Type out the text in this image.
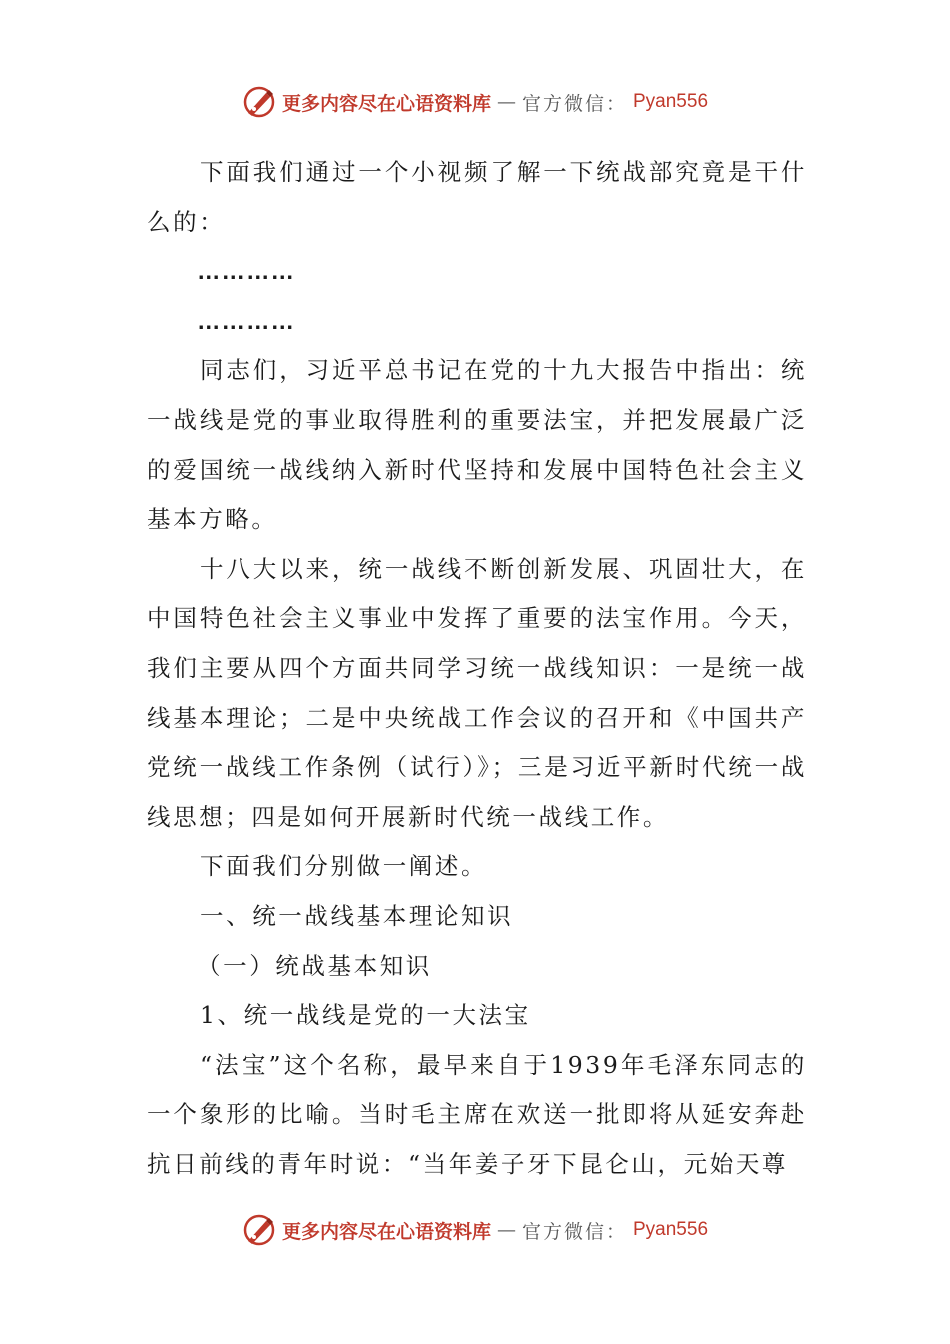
更多内容尽在心语资料库 — 官方微信： Pyan556

下面我们通过一个小视频了解一下统战部究竟是干什么的：

…………

…………

同志们，习近平总书记在党的十九大报告中指出：统一战线是党的事业取得胜利的重要法宝，并把发展最广泛的爱国统一战线纳入新时代坚持和发展中国特色社会主义基本方略。

十八大以来，统一战线不断创新发展、巩固壮大，在中国特色社会主义事业中发挥了重要的法宝作用。今天，我们主要从四个方面共同学习统一战线知识：一是统一战线基本理论；二是中央统战工作会议的召开和《中国共产党统一战线工作条例（试行）》；三是习近平新时代统一战线思想；四是如何开展新时代统一战线工作。

下面我们分别做一阐述。

一、统一战线基本理论知识

（一）统战基本知识

1、统一战线是党的一大法宝

“法宝”这个名称，最早来自于1939年毛泽东同志的一个象形的比喻。当时毛主席在欢送一批即将从延安奔赴抗日前线的青年时说：“当年姜子牙下昆仑山，元始天尊

更多内容尽在心语资料库 — 官方微信： Pyan556
